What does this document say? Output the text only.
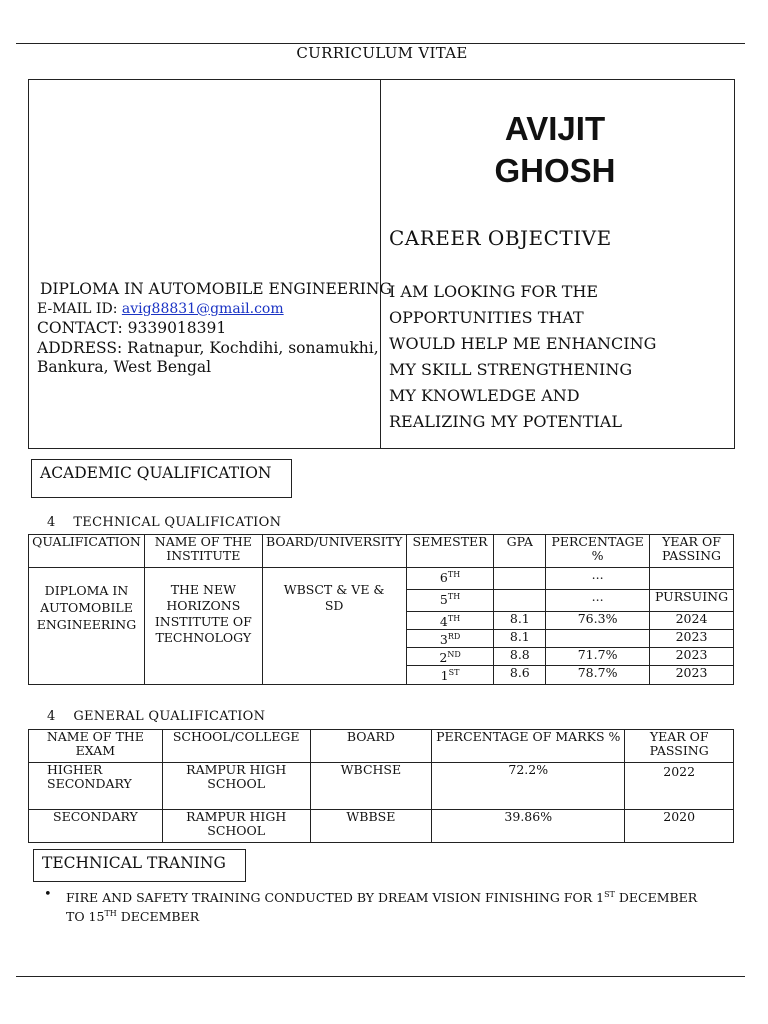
CURRICULUM VITAE
AVIJIT
GHOSH
CAREER OBJECTIVE
I AM LOOKING FOR THE
OPPORTUNITIES THAT
WOULD HELP ME ENHANCING
MY SKILL STRENGTHENING
MY KNOWLEDGE AND
REALIZING MY POTENTIAL
DIPLOMA IN AUTOMOBILE ENGINEERING
E-MAIL ID: avig88831@gmail.com
CONTACT: 9339018391
ADDRESS: Ratnapur, Kochdihi, sonamukhi,
Bankura, West Bengal
ACADEMIC QUALIFICATION
4 TECHNICAL QUALIFICATION
QUALIFICATION	NAME OF THE INSTITUTE	BOARD/UNIVERSITY	SEMESTER	GPA	PERCENTAGE %	YEAR OF PASSING
DIPLOMA IN AUTOMOBILE ENGINEERING	THE NEW HORIZONS INSTITUTE OF TECHNOLOGY	WBSCT & VE & SD	6TH		...	
			5TH		...	PURSUING
			4TH	8.1	76.3%	2024
			3RD	8.1		2023
			2ND	8.8	71.7%	2023
			1ST	8.6	78.7%	2023
4 GENERAL QUALIFICATION
NAME OF THE EXAM	SCHOOL/COLLEGE	BOARD	PERCENTAGE OF MARKS %	YEAR OF PASSING
HIGHER SECONDARY	RAMPUR HIGH SCHOOL	WBCHSE	72.2%	2022
SECONDARY	RAMPUR HIGH SCHOOL	WBBSE	39.86%	2020
TECHNICAL TRANING
• FIRE AND SAFETY TRAINING CONDUCTED BY DREAM VISION FINISHING FOR 1ST DECEMBER TO 15TH DECEMBER
